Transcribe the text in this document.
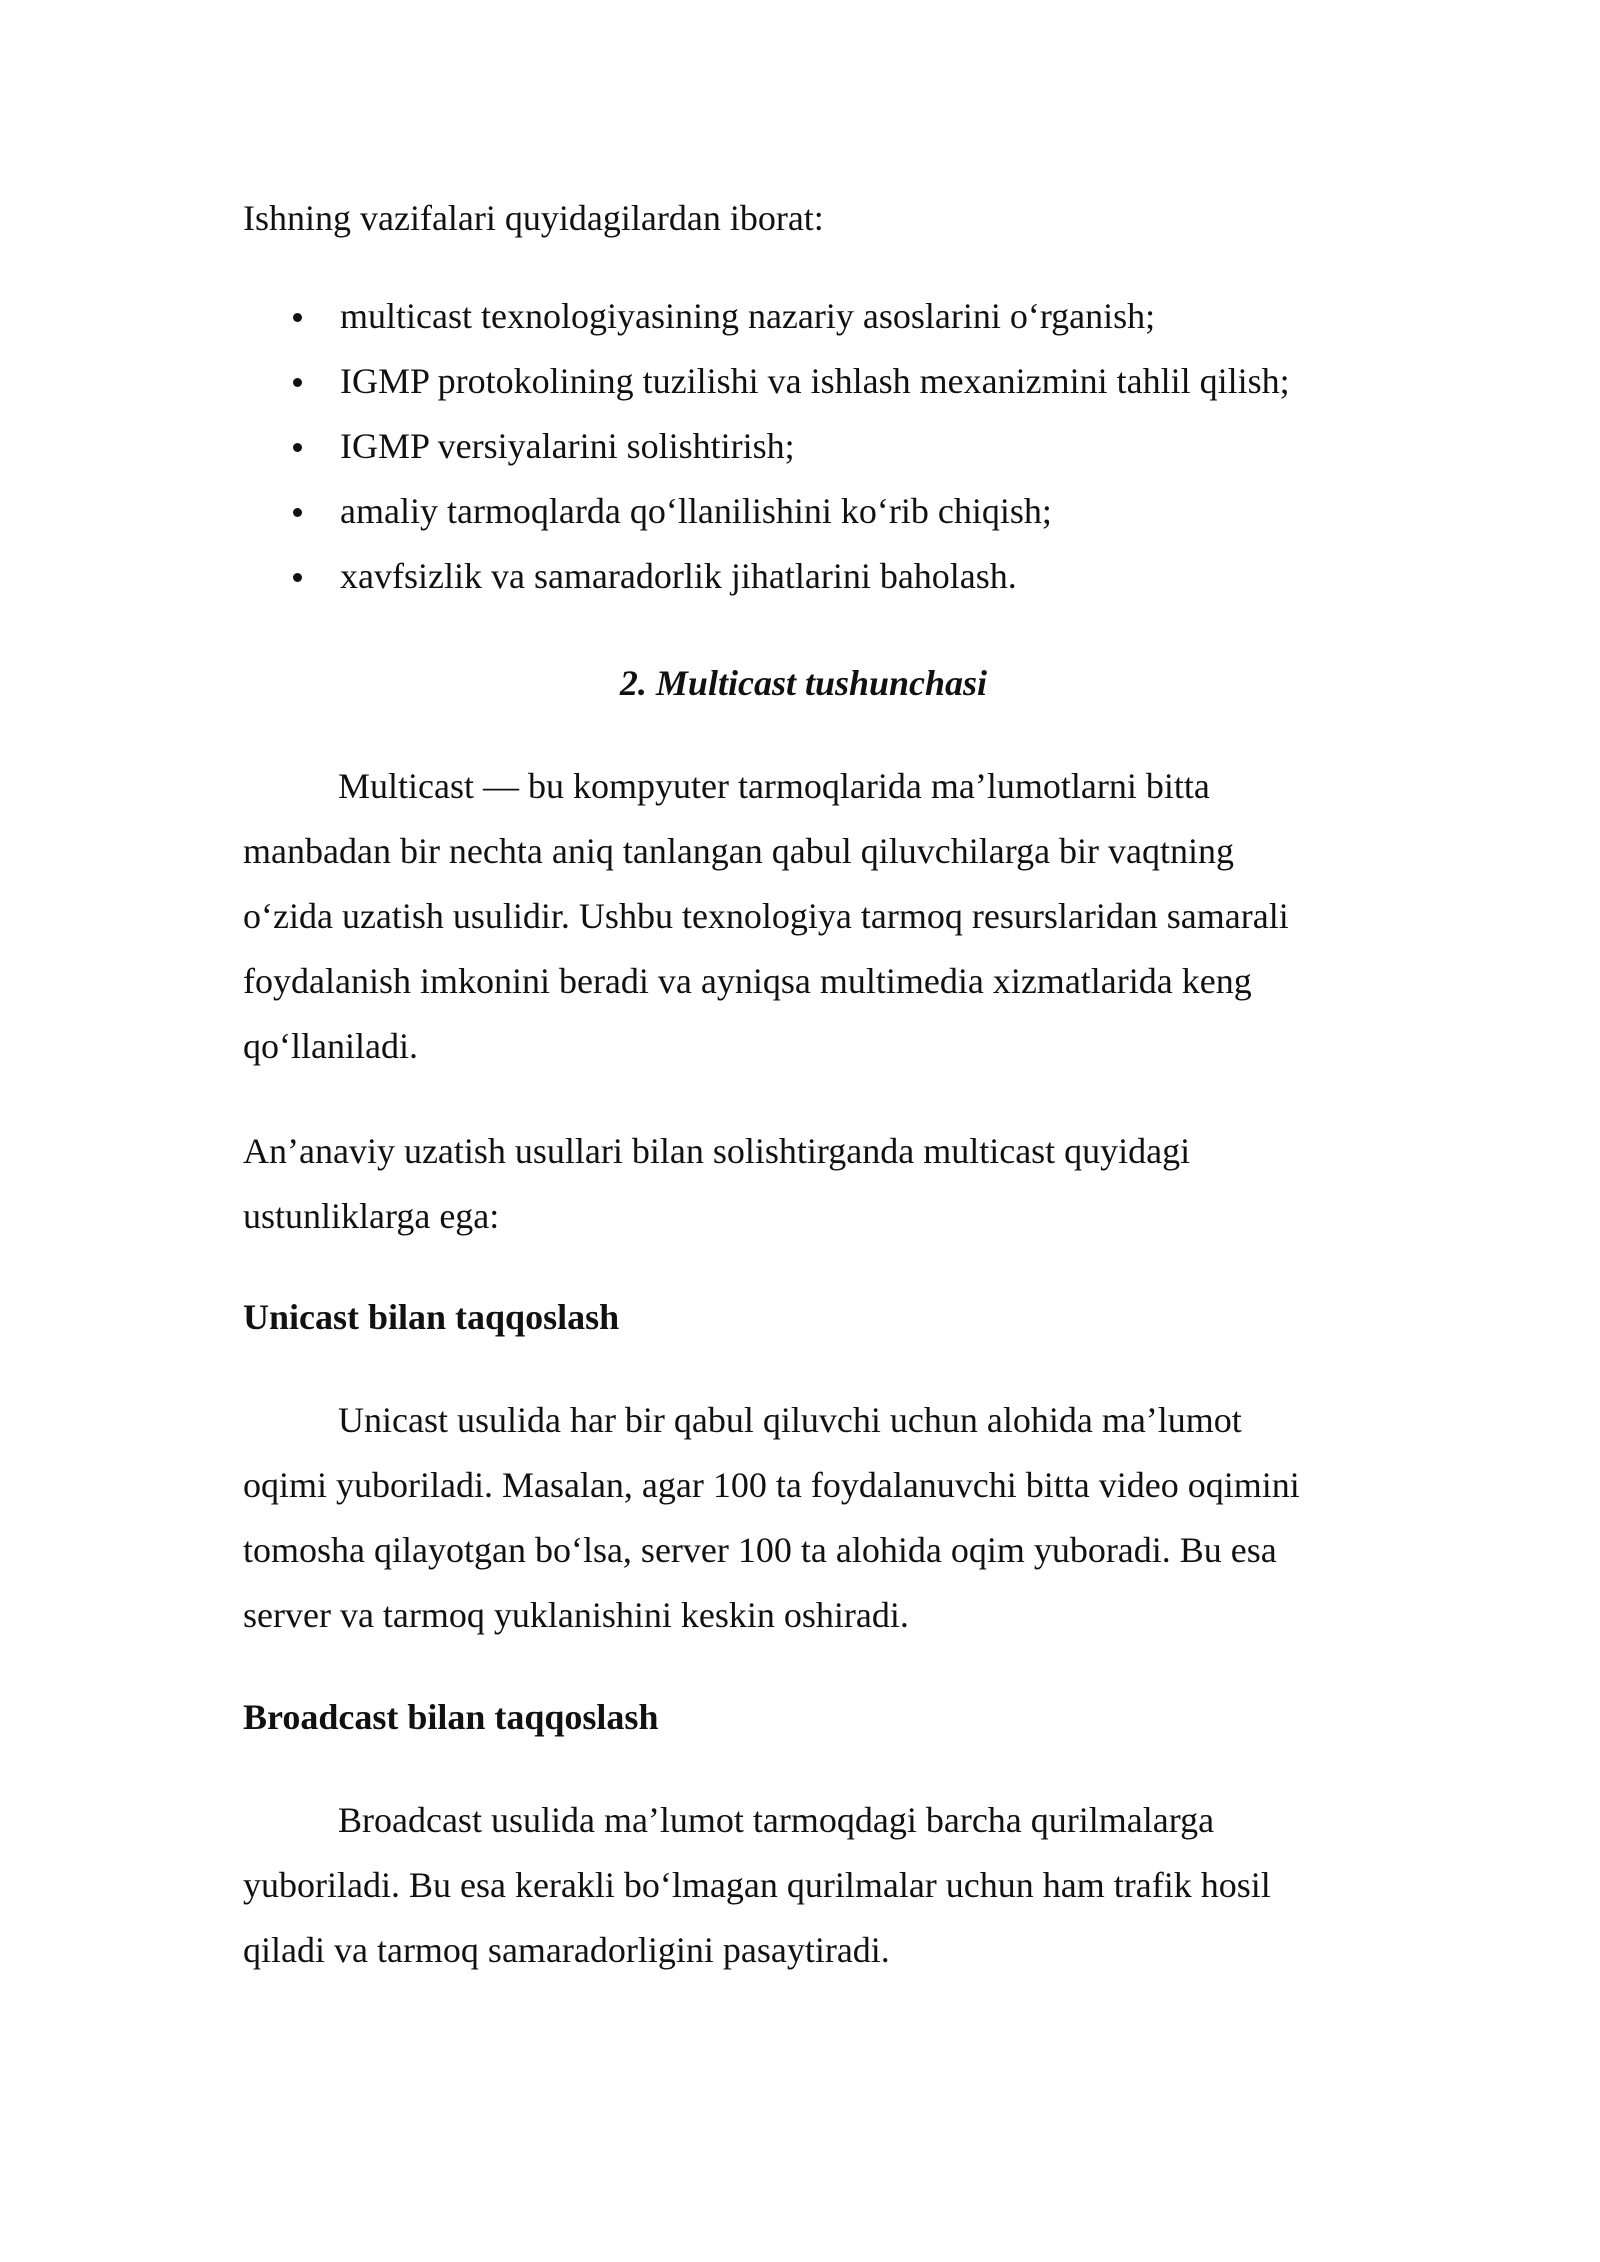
Ishning vazifalari quyidagilardan iborat:

multicast texnologiyasining nazariy asoslarini o‘rganish;
IGMP protokolining tuzilishi va ishlash mexanizmini tahlil qilish;
IGMP versiyalarini solishtirish;
amaliy tarmoqlarda qo‘llanilishini ko‘rib chiqish;
xavfsizlik va samaradorlik jihatlarini baholash.
2. Multicast tushunchasi
Multicast — bu kompyuter tarmoqlarida ma’lumotlarni bitta
manbadan bir nechta aniq tanlangan qabul qiluvchilarga bir vaqtning
o‘zida uzatish usulidir. Ushbu texnologiya tarmoq resurslaridan samarali
foydalanish imkonini beradi va ayniqsa multimedia xizmatlarida keng
qo‘llaniladi.
An’anaviy uzatish usullari bilan solishtirganda multicast quyidagi
ustunliklarga ega:
Unicast bilan taqqoslash
Unicast usulida har bir qabul qiluvchi uchun alohida ma’lumot
oqimi yuboriladi. Masalan, agar 100 ta foydalanuvchi bitta video oqimini
tomosha qilayotgan bo‘lsa, server 100 ta alohida oqim yuboradi. Bu esa
server va tarmoq yuklanishini keskin oshiradi.
Broadcast bilan taqqoslash
Broadcast usulida ma’lumot tarmoqdagi barcha qurilmalarga
yuboriladi. Bu esa kerakli bo‘lmagan qurilmalar uchun ham trafik hosil
qiladi va tarmoq samaradorligini pasaytiradi.
